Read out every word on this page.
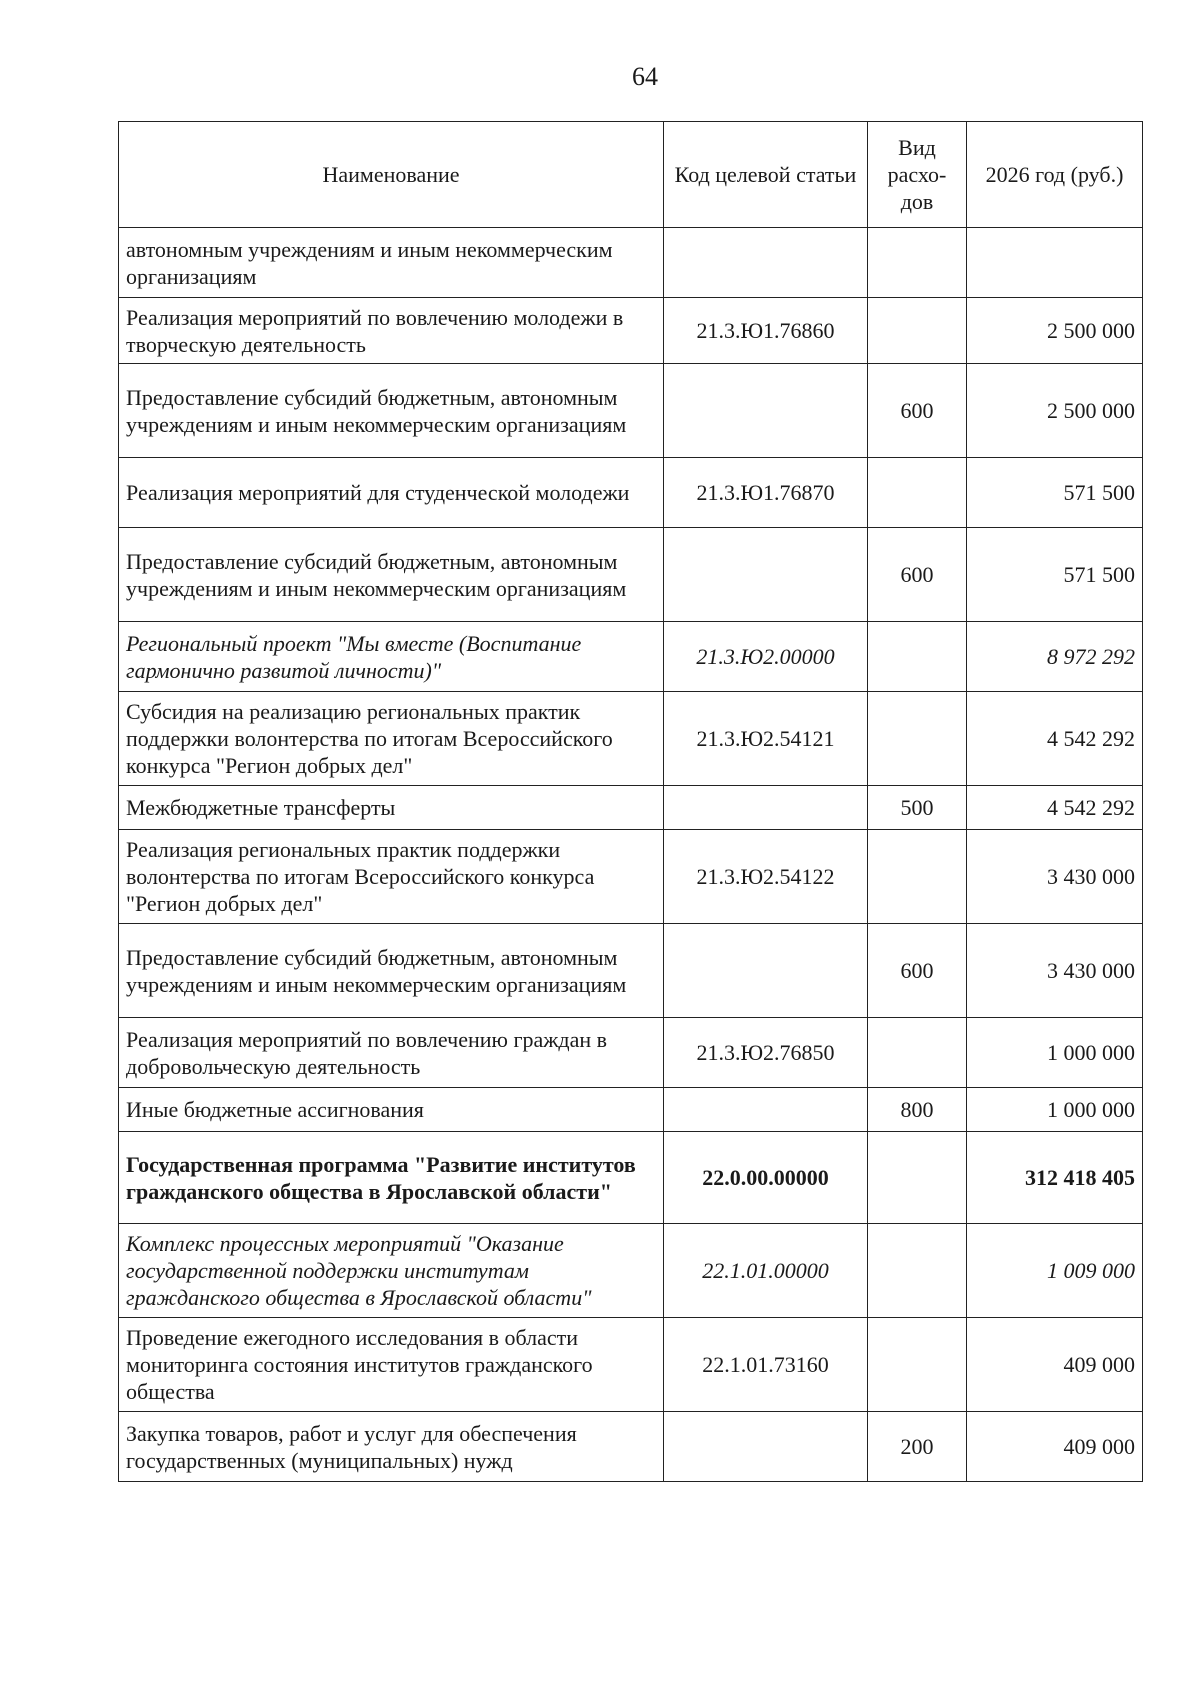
64
Наименование	Код целевой статьи	Вид расхо-дов	2026 год (руб.)
автономным учреждениям и иным некоммерческим организациям			
Реализация мероприятий по вовлечению молодежи в творческую деятельность	21.3.Ю1.76860		2 500 000
Предоставление субсидий бюджетным, автономным учреждениям и иным некоммерческим организациям		600	2 500 000
Реализация мероприятий для студенческой молодежи	21.3.Ю1.76870		571 500
Предоставление субсидий бюджетным, автономным учреждениям и иным некоммерческим организациям		600	571 500
Региональный проект "Мы вместе (Воспитание гармонично развитой личности)"	21.3.Ю2.00000		8 972 292
Субсидия на реализацию региональных практик поддержки волонтерства по итогам Всероссийского конкурса "Регион добрых дел"	21.3.Ю2.54121		4 542 292
Межбюджетные трансферты		500	4 542 292
Реализация региональных практик поддержки волонтерства по итогам Всероссийского конкурса "Регион добрых дел"	21.3.Ю2.54122		3 430 000
Предоставление субсидий бюджетным, автономным учреждениям и иным некоммерческим организациям		600	3 430 000
Реализация мероприятий по вовлечению граждан в добровольческую деятельность	21.3.Ю2.76850		1 000 000
Иные бюджетные ассигнования		800	1 000 000
Государственная программа "Развитие институтов гражданского общества в Ярославской области"	22.0.00.00000		312 418 405
Комплекс процессных мероприятий "Оказание государственной поддержки институтам гражданского общества в Ярославской области"	22.1.01.00000		1 009 000
Проведение ежегодного исследования в области мониторинга состояния институтов гражданского общества	22.1.01.73160		409 000
Закупка товаров, работ и услуг для обеспечения государственных (муниципальных) нужд		200	409 000
